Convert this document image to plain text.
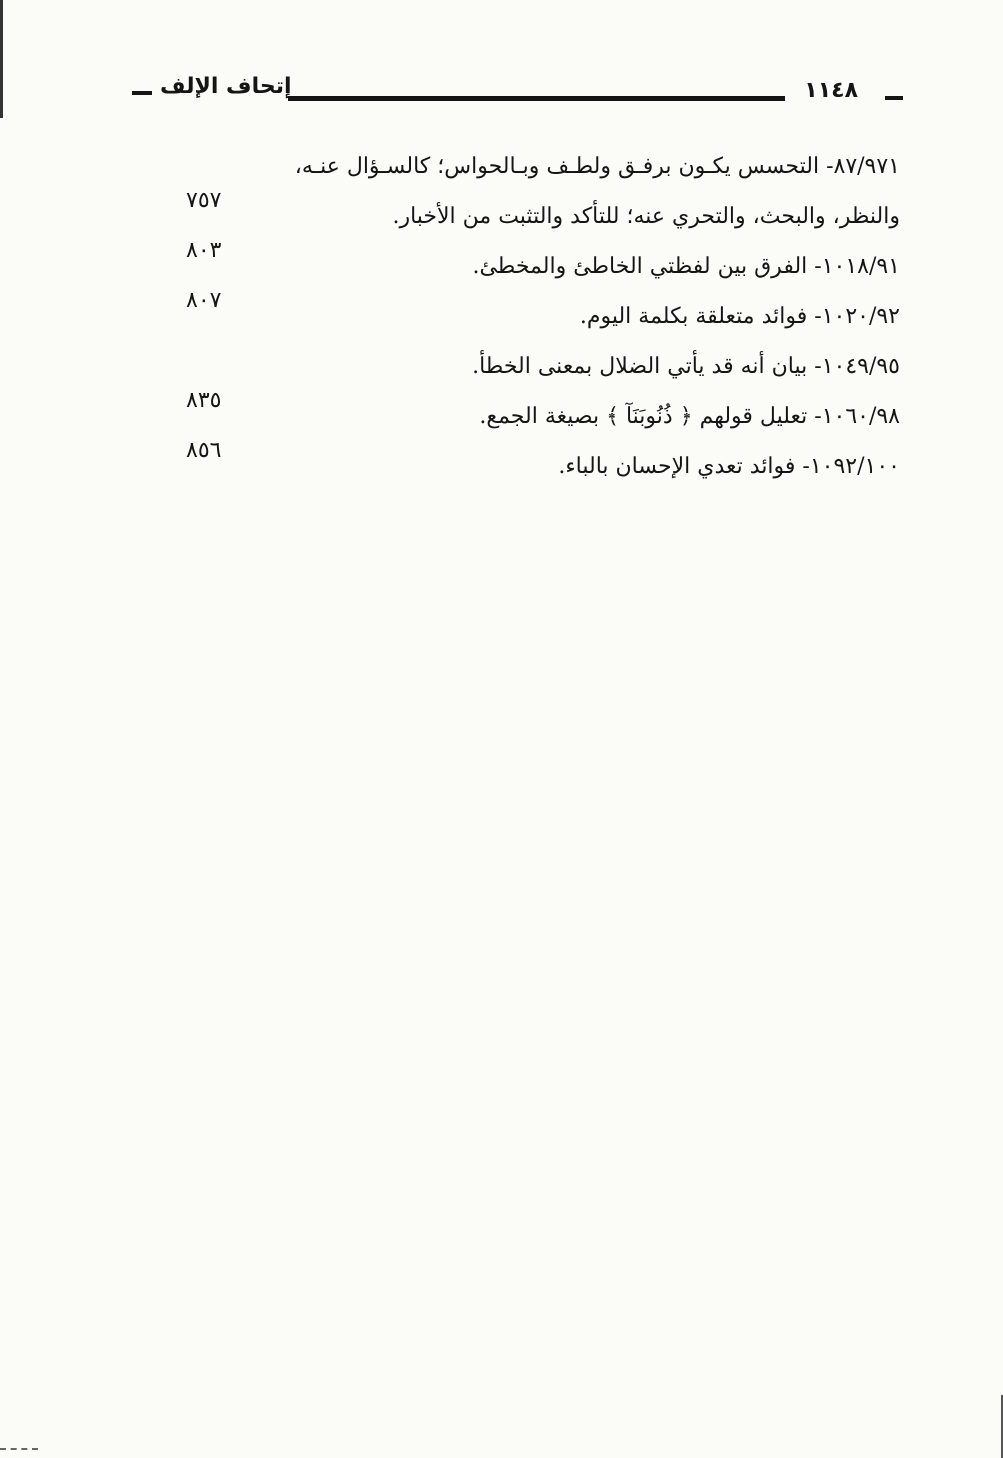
١١٤٨
إتحاف الإلف
٨٧/٩٧١- التحسس يكـون برفـق ولطـف وبـالحواس؛ كالسـؤال عنـه،
والنظر، والبحث، والتحري عنه؛ للتأكد والتثبت من الأخبار.
٧٥٧
١٠١٨/٩١- الفرق بين لفظتي الخاطئ والمخطئ.
٨٠٣
١٠٢٠/٩٢- فوائد متعلقة بكلمة اليوم.
٨٠٧
١٠٤٩/٩٥- بيان أنه قد يأتي الضلال بمعنى الخطأ.
١٠٦٠/٩٨- تعليل قولهم ﴿ ذُنُوبَنَآ ﴾ بصيغة الجمع.
٨٣٥
١٠٩٢/١٠٠- فوائد تعدي الإحسان بالباء.
٨٥٦
